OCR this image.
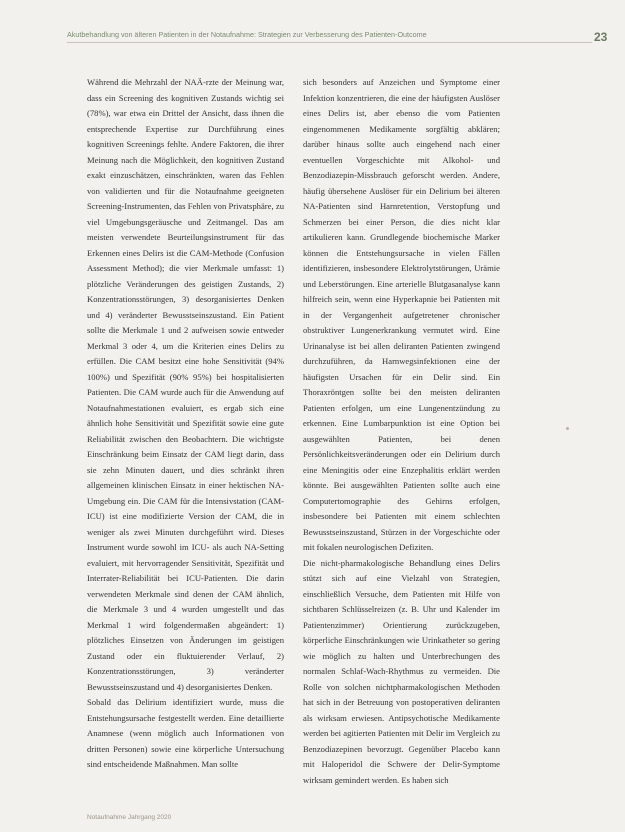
Akutbehandlung von älteren Patienten in der Notaufnahme: Strategien zur Verbesserung des Patienten-Outcome	23

Während die Mehrzahl der NAÄ-rzte der Meinung war, dass ein Screening des kognitiven Zustands wichtig sei (78%), war etwa ein Drittel der Ansicht, dass ihnen die entsprechende Expertise zur Durchführung eines kognitiven Screenings fehlte. Andere Faktoren, die ihrer Meinung nach die Möglichkeit, den kognitiven Zustand exakt einzuschätzen, einschränkten, waren das Fehlen von validierten und für die Notaufnahme geeigneten Screening-Instrumenten, das Fehlen von Privatsphäre, zu viel Umgebungsgeräusche und Zeitmangel. Das am meisten verwendete Beurteilungsinstrument für das Erkennen eines Delirs ist die CAM-Methode (Confusion Assessment Method); die vier Merkmale umfasst: 1) plötzliche Veränderungen des geistigen Zustands, 2) Konzentrationsstörungen, 3) desorganisiertes Denken und 4) veränderter Bewusstseinszustand. Ein Patient sollte die Merkmale 1 und 2 aufweisen sowie entweder Merkmal 3 oder 4, um die Kriterien eines Delirs zu erfüllen. Die CAM besitzt eine hohe Sensitivität (94% 100%) und Spezifität (90% 95%) bei hospitalisierten Patienten. Die CAM wurde auch für die Anwendung auf Notaufnahmestationen evaluiert, es ergab sich eine ähnlich hohe Sensitivität und Spezifität sowie eine gute Reliabilität zwischen den Beobachtern. Die wichtigste Einschränkung beim Einsatz der CAM liegt darin, dass sie zehn Minuten dauert, und dies schränkt ihren allgemeinen klinischen Einsatz in einer hektischen NA-Umgebung ein. Die CAM für die Intensivstation (CAM-ICU) ist eine modifizierte Version der CAM, die in weniger als zwei Minuten durchgeführt wird. Dieses Instrument wurde sowohl im ICU- als auch NA-Setting evaluiert, mit hervorragender Sensitivität, Spezifität und Interrater-Reliabilität bei ICU-Patienten. Die darin verwendeten Merkmale sind denen der CAM ähnlich, die Merkmale 3 und 4 wurden umgestellt und das Merkmal 1 wird folgendermaßen abgeändert: 1) plötzliches Einsetzen von Änderungen im geistigen Zustand oder ein fluktuierender Verlauf, 2) Konzentrationsstörungen, 3) veränderter Bewusstseinszustand und 4) desorganisiertes Denken.

Sobald das Delirium identifiziert wurde, muss die Entstehungsursache festgestellt werden. Eine detaillierte Anamnese (wenn möglich auch Informationen von dritten Personen) sowie eine körperliche Untersuchung sind entscheidende Maßnahmen. Man sollte

sich besonders auf Anzeichen und Symptome einer Infektion konzentrieren, die eine der häufigsten Auslöser eines Delirs ist, aber ebenso die vom Patienten eingenommenen Medikamente sorgfältig abklären; darüber hinaus sollte auch eingehend nach einer eventuellen Vorgeschichte mit Alkohol- und Benzodiazepin-Missbrauch geforscht werden. Andere, häufig übersehene Auslöser für ein Delirium bei älteren NA-Patienten sind Harnretention, Verstopfung und Schmerzen bei einer Person, die dies nicht klar artikulieren kann. Grundlegende biochemische Marker können die Entstehungsursache in vielen Fällen identifizieren, insbesondere Elektrolytstörungen, Urämie und Leberstörungen. Eine arterielle Blutgasanalyse kann hilfreich sein, wenn eine Hyperkapnie bei Patienten mit in der Vergangenheit aufgetretener chronischer obstruktiver Lungenerkrankung vermutet wird. Eine Urinanalyse ist bei allen deliranten Patienten zwingend durchzuführen, da Harnwegsinfektionen eine der häufigsten Ursachen für ein Delir sind. Ein Thoraxröntgen sollte bei den meisten deliranten Patienten erfolgen, um eine Lungenentzündung zu erkennen. Eine Lumbarpunktion ist eine Option bei ausgewählten Patienten, bei denen Persönlichkeitsveränderungen oder ein Delirium durch eine Meningitis oder eine Enzephalitis erklärt werden könnte. Bei ausgewählten Patienten sollte auch eine Computertomographie des Gehirns erfolgen, insbesondere bei Patienten mit einem schlechten Bewusstseinszustand, Stürzen in der Vorgeschichte oder mit fokalen neurologischen Defiziten.

Die nicht-pharmakologische Behandlung eines Delirs stützt sich auf eine Vielzahl von Strategien, einschließlich Versuche, dem Patienten mit Hilfe von sichtbaren Schlüsselreizen (z. B. Uhr und Kalender im Patientenzimmer) Orientierung zurückzugeben, körperliche Einschränkungen wie Urinkatheter so gering wie möglich zu halten und Unterbrechungen des normalen Schlaf-Wach-Rhythmus zu vermeiden. Die Rolle von solchen nichtpharmakologischen Methoden hat sich in der Betreuung von postoperativen deliranten als wirksam erwiesen. Antipsychotische Medikamente werden bei agitierten Patienten mit Delir im Vergleich zu Benzodiazepinen bevorzugt. Gegenüber Placebo kann mit Haloperidol die Schwere der Delir-Symptome wirksam gemindert werden. Es haben sich

Notaufnahme Jahrgang 2020
